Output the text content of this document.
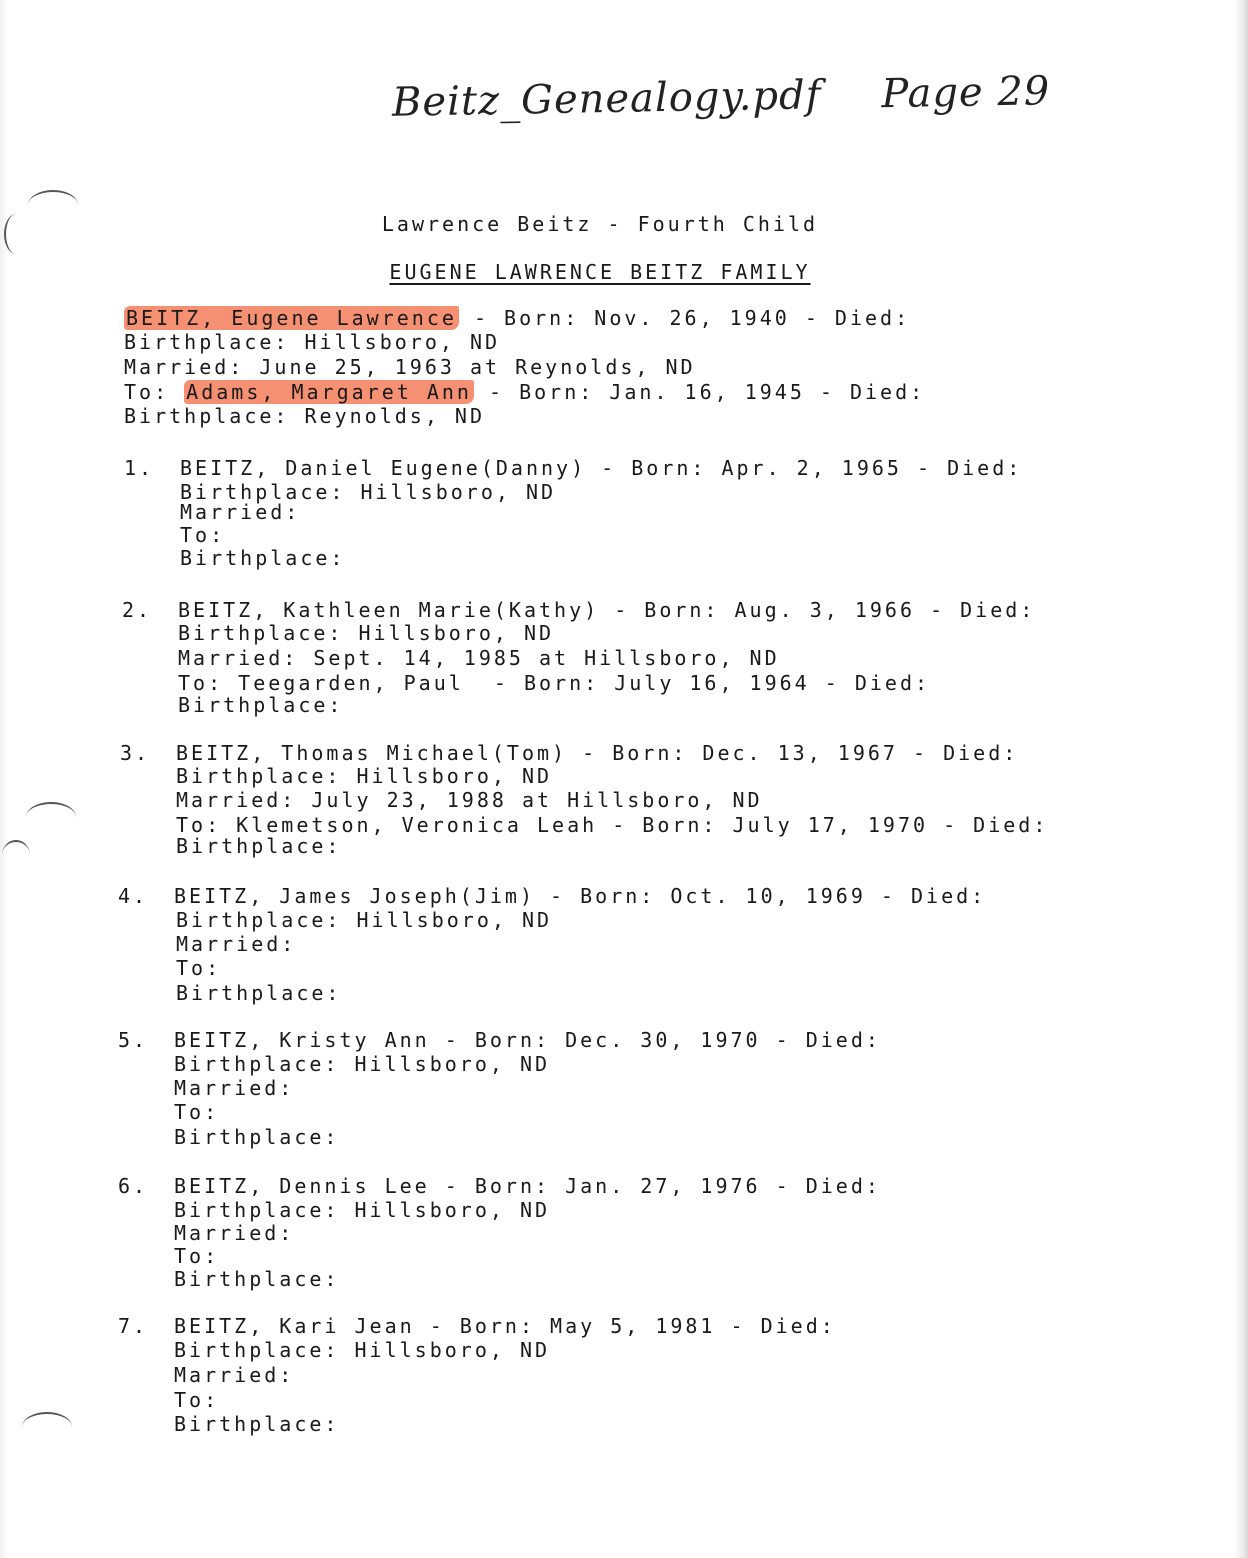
Beitz_Genealogy.pdf Page 29
Lawrence Beitz - Fourth Child
EUGENE LAWRENCE BEITZ FAMILY
BEITZ, Eugene Lawrence - Born: Nov. 26, 1940 - Died:
Birthplace: Hillsboro, ND
Married: June 25, 1963 at Reynolds, ND
To: Adams, Margaret Ann - Born: Jan. 16, 1945 - Died:
Birthplace: Reynolds, ND
1. BEITZ, Daniel Eugene(Danny) - Born: Apr. 2, 1965 - Died:
Birthplace: Hillsboro, ND
Married:
To:
Birthplace:
2. BEITZ, Kathleen Marie(Kathy) - Born: Aug. 3, 1966 - Died:
Birthplace: Hillsboro, ND
Married: Sept. 14, 1985 at Hillsboro, ND
To: Teegarden, Paul  - Born: July 16, 1964 - Died:
Birthplace:
3. BEITZ, Thomas Michael(Tom) - Born: Dec. 13, 1967 - Died:
Birthplace: Hillsboro, ND
Married: July 23, 1988 at Hillsboro, ND
To: Klemetson, Veronica Leah - Born: July 17, 1970 - Died:
Birthplace:
4. BEITZ, James Joseph(Jim) - Born: Oct. 10, 1969 - Died:
Birthplace: Hillsboro, ND
Married:
To:
Birthplace:
5. BEITZ, Kristy Ann - Born: Dec. 30, 1970 - Died:
Birthplace: Hillsboro, ND
Married:
To:
Birthplace:
6. BEITZ, Dennis Lee - Born: Jan. 27, 1976 - Died:
Birthplace: Hillsboro, ND
Married:
To:
Birthplace:
7. BEITZ, Kari Jean - Born: May 5, 1981 - Died:
Birthplace: Hillsboro, ND
Married:
To:
Birthplace:
